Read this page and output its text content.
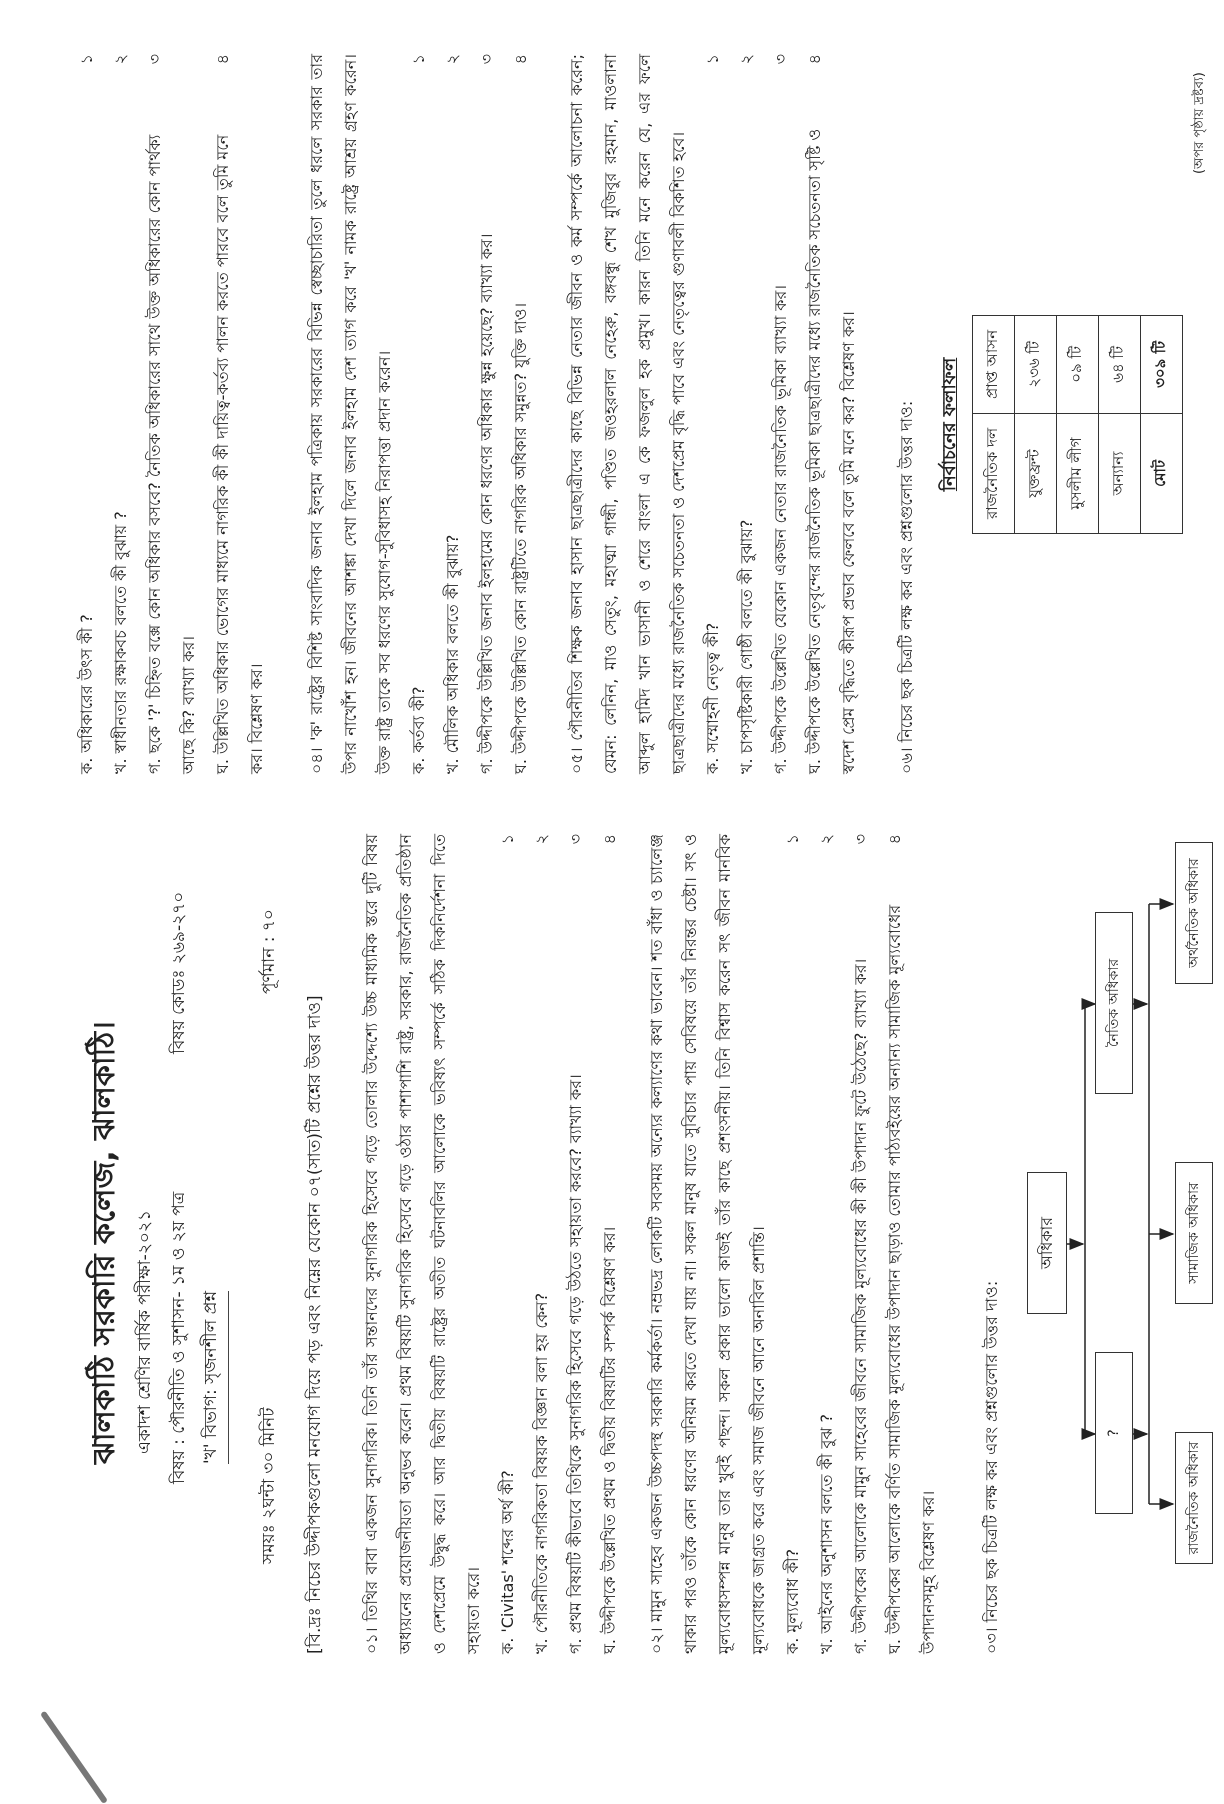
ঝালকাঠি সরকারি কলেজ, ঝালকাঠি। একাদশ শ্রেণির বার্ষিক পরীক্ষা-২০২১ বিষয় : পৌরনীতি ও সুশাসন- ১ম ও ২য় পত্র
বিষয় কোডঃ ২৬৯-২৭০
'খ' বিভাগ: সৃজনশীল প্রশ্ন
সময়ঃ ২ঘন্টা ৩০ মিনিট
পূর্ণমান : ৭০
[বি.দ্রঃ নিচের উদ্দীপকগুলো মনযোগ দিয়ে পড় এবং নিম্নের যেকোন ০৭(সাত)টি প্রশ্নের উত্তর দাও]	০১। তিথির বাবা একজন সুনাগরিক। তিনি তাঁর সন্তানদের সুনাগরিক হিসেবে গড়ে তোলার উদ্দেশ্যে উচ্চ মাধ্যমিক স্তরে দুটি বিষয় অধ্যয়নের প্রয়োজনীয়তা অনুভব করেন। প্রথম বিষয়টি সুনাগরিক হিসেবে গড়ে ওঠার পাশাপাশি রাষ্ট্র, সরকার, রাজনৈতিক প্রতিষ্ঠান ও দেশপ্রেমে উদ্বুদ্ধ করে। আর দ্বিতীয় বিষয়টি রাষ্ট্রের অতীত ঘটনাবলির আলোকে ভবিষ্যৎ সম্পর্কে সঠিক দিকনির্দেশনা দিতে সহায়তা করে। ক. 'Civitas' শব্দের অর্থ কী?
১
খ. পৌরনীতিকে নাগরিকতা বিষয়ক বিজ্ঞান বলা হয় কেন?
২
গ. প্রথম বিষয়টি কীভাবে তিথিকে সুনাগরিক হিসেবে গড়ে উঠতে সহায়তা করবে? ব্যাখ্যা কর।
৩
ঘ. উদ্দীপকে উল্লেখিত প্রথম ও দ্বিতীয় বিষয়টির সম্পর্ক বিশ্লেষণ কর।
৪	০২। মামুন সাহেব একজন উচ্চপদস্থ সরকারি কর্মকর্তা। নম্রভদ্র লোকটি সবসময় অন্যের কল্যাণের কথা ভাবেন। শত বাঁধা ও চ্যালেঞ্জ থাকার পরও তাঁকে কোন ধরণের অনিয়ম করতে দেখা যায় না। সকল মানুষ যাতে সুবিচার পায় সেবিষয়ে তাঁর নিরন্তর চেষ্টা। সৎ ও মূল্যবোধসম্পন্ন মানুষ তার খুবই পছন্দ। সকল প্রকার ভালো কাজই তাঁর কাছে প্রশংসনীয়। তিনি বিশ্বাস করেন সৎ জীবন মানবিক মূল্যবোধকে জাগ্রত করে এবং সমাজ জীবনে আনে অনাবিল প্রশান্তি। ক. মূল্যবোধ কী?
১
খ. আইনের অনুশাসন বলতে কী বুঝ ?
২
গ. উদ্দীপকের আলোকে মামুন সাহেবের জীবনে সামাজিক মূল্যবোধের কী কী উপাদান ফুটে উঠেছে? ব্যাখ্যা কর।
৩
ঘ. উদ্দীপকের আলোকে বর্ণিত সামাজিক মূল্যবোধের উপাদান ছাড়াও তোমার পাঠ্যবইয়ের অন্যান্য সামাজিক মূল্যবোধের উপাদানসমূহ বিশ্লেষণ কর।
৪
০৩। নিচের ছক চিত্রটি লক্ষ কর এবং প্রশ্নগুলোর উত্তর দাও:
অধিকার
?
নৈতিক অধিকার
রাজনৈতিক অধিকার
সামাজিক অধিকার
অর্থনৈতিক অধিকার
ক. অধিকারের উৎস কী ?
১
খ. স্বাধীনতার রক্ষাকবচ বলতে কী বুঝায় ?
২
গ. ছকে '?' চিহ্নিত বক্সে কোন অধিকার বসবে? নৈতিক অধিকারের সাথে উক্ত অধিকারের কোন পার্থক্য আছে কি? ব্যাখ্যা কর।
৩
ঘ. উল্লিখিত অধিকার ভোগের মাধ্যমে নাগরিক কী কী দায়িত্ব-কর্তব্য পালন করতে পারবে বলে তুমি মনে কর। বিশ্লেষণ কর।
৪	০৪। 'ক' রাষ্ট্রের বিশিষ্ট সাংবাদিক জনাব ইলহাম পত্রিকায় সরকারের বিভিন্ন স্বেচ্ছাচারিতা তুলে ধরলে সরকার তার উপর নাখোঁশ হন। জীবনের আশঙ্কা দেখা দিলে জনাব ইলহাম দেশ ত্যাগ করে 'খ' নামক রাষ্ট্রে আশ্রয় গ্রহণ করেন। উক্ত রাষ্ট্র তাকে সব ধরণের সুযোগ-সুবিধাসহ নিরাপত্তা প্রদান করেন। ক. কর্তব্য কী?
১
খ. মৌলিক অধিকার বলতে কী বুঝায়?
২
গ. উদ্দীপকে উল্লিখিত জনাব ইলহামের কোন ধরণের অধিকার ক্ষুন্ন হয়েছে? ব্যাখ্যা কর।
৩
ঘ. উদ্দীপকে উল্লিখিত কোন রাষ্ট্রটিতে নাগরিক অধিকার সমুন্নত? যুক্তি দাও।
৪	০৫। পৌরনীতির শিক্ষক জনাব হাসান ছাত্রছাত্রীদের কাছে বিভিন্ন নেতার জীবন ও কর্ম সম্পর্কে আলোচনা করেন; যেমন: লেনিন, মাও সেতুং, মহাত্মা গান্ধী, পণ্ডিত জওহরলাল নেহেরু, বঙ্গবন্ধু শেখ মুজিবুর রহমান, মাওলানা আব্দুল হামিদ খান ভাসানী ও শেরে বাংলা এ কে ফজলুল হক প্রমুখ। কারন তিনি মনে করেন যে, এর ফলে ছাত্রছাত্রীদের মধ্যে রাজনৈতিক সচেতনতা ও দেশপ্রেম বৃদ্ধি পাবে এবং নেতৃত্বের গুণাবলী বিকশিত হবে। ক. সম্মোহনী নেতৃত্ব কী?
১
খ. চাপসৃষ্টিকারী গোষ্ঠী বলতে কী বুঝায়?
২
গ. উদ্দীপকে উল্লেখিত যেকোন একজন নেতার রাজনৈতিক ভূমিকা ব্যাখ্যা কর।
৩
ঘ. উদ্দীপকে উল্লেখিত নেতৃবৃন্দের রাজনৈতিক ভূমিকা ছাত্রছাত্রীদের মধ্যে রাজনৈতিক সচেতনতা সৃষ্টি ও স্বদেশ প্রেম বৃদ্ধিতে কীরূপ প্রভাব ফেলবে বলে তুমি মনে কর? বিশ্লেষণ কর।
৪
০৬। নিচের ছক চিত্রটি লক্ষ কর এবং প্রশ্নগুলোর উত্তর দাও:	নির্বাচনের ফলাফল	রাজনৈতিক দল	প্রাপ্ত আসন
যুক্তফ্রন্ট	২৩৬ টি
মুসলীম লীগ	০৯ টি
অন্যান্য	৬৪ টি
মোট	৩০৯ টি
(অপর পৃষ্ঠায় দ্রষ্টব্য)
